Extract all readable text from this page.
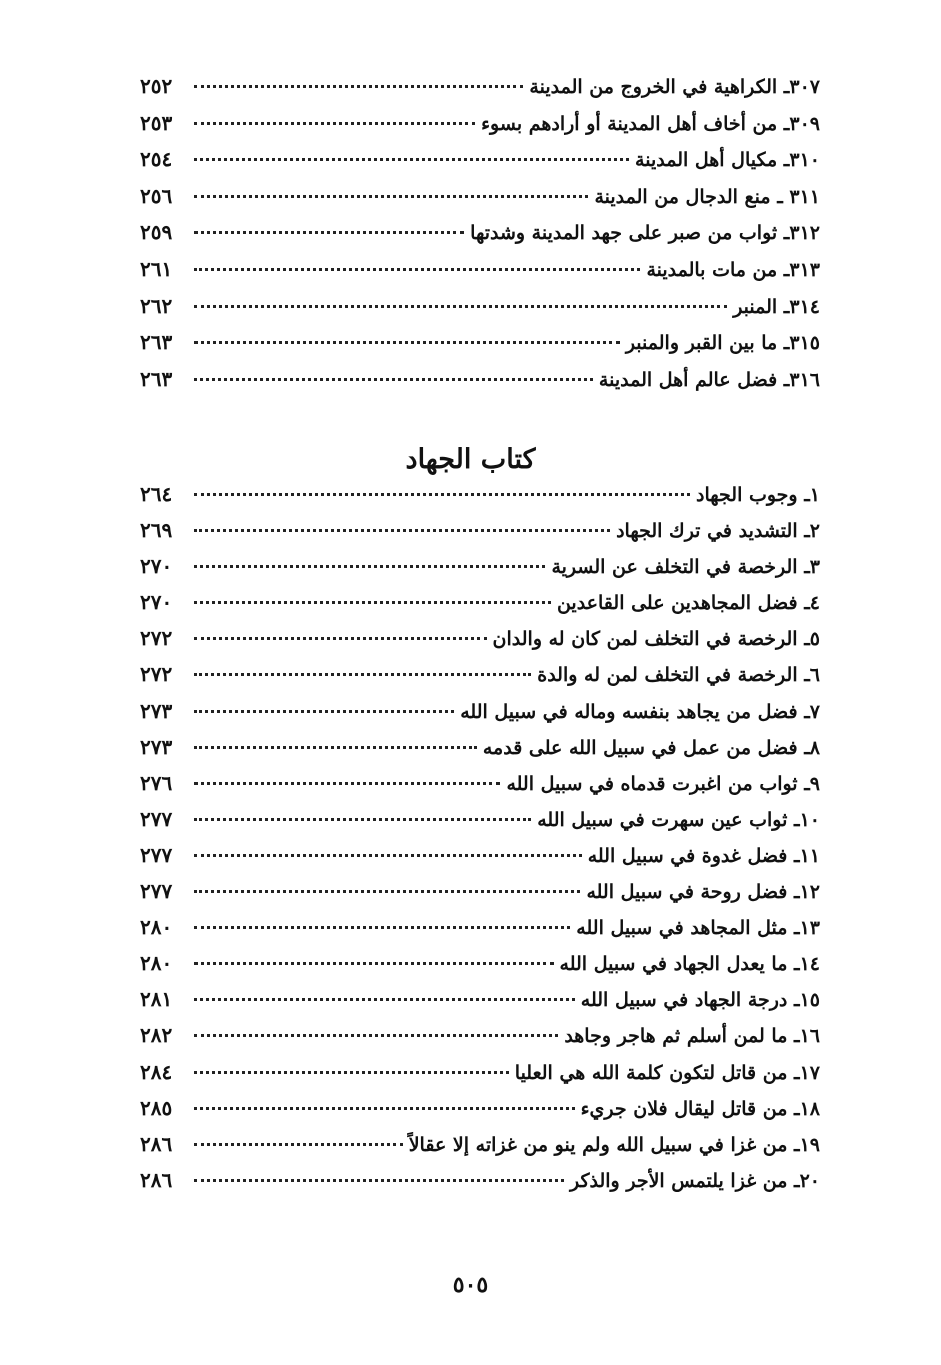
٣٠٧ـ الكراهية في الخروج من المدينة
٢٥٢
٣٠٩ـ من أخاف أهل المدينة أو أرادهم بسوء
٢٥٣
٣١٠ـ مكيال أهل المدينة
٢٥٤
٣١١ ـ منع الدجال من المدينة
٢٥٦
٣١٢ـ ثواب من صبر على جهد المدينة وشدتها
٢٥٩
٣١٣ـ من مات بالمدينة
٢٦١
٣١٤ـ المنبر
٢٦٢
٣١٥ـ ما بين القبر والمنبر
٢٦٣
٣١٦ـ فضل عالم أهل المدينة
٢٦٣
كتاب الجهاد
١ـ وجوب الجهاد
٢٦٤
٢ـ التشديد في ترك الجهاد
٢٦٩
٣ـ الرخصة في التخلف عن السرية
٢٧٠
٤ـ فضل المجاهدين على القاعدين
٢٧٠
٥ـ الرخصة في التخلف لمن كان له والدان
٢٧٢
٦ـ الرخصة في التخلف لمن له والدة
٢٧٢
٧ـ فضل من يجاهد بنفسه وماله في سبيل الله
٢٧٣
٨ـ فضل من عمل في سبيل الله على قدمه
٢٧٣
٩ـ ثواب من اغبرت قدماه في سبيل الله
٢٧٦
١٠ـ ثواب عين سهرت في سبيل الله
٢٧٧
١١ـ فضل غدوة في سبيل الله
٢٧٧
١٢ـ فضل روحة في سبيل الله
٢٧٧
١٣ـ مثل المجاهد في سبيل الله
٢٨٠
١٤ـ ما يعدل الجهاد في سبيل الله
٢٨٠
١٥ـ درجة الجهاد في سبيل الله
٢٨١
١٦ـ ما لمن أسلم ثم هاجر وجاهد
٢٨٢
١٧ـ من قاتل لتكون كلمة الله هي العليا
٢٨٤
١٨ـ من قاتل ليقال فلان جريء
٢٨٥
١٩ـ من غزا في سبيل الله ولم ينو من غزاته إلا عقالاً
٢٨٦
٢٠ـ من غزا يلتمس الأجر والذكر
٢٨٦
٥٠٥
